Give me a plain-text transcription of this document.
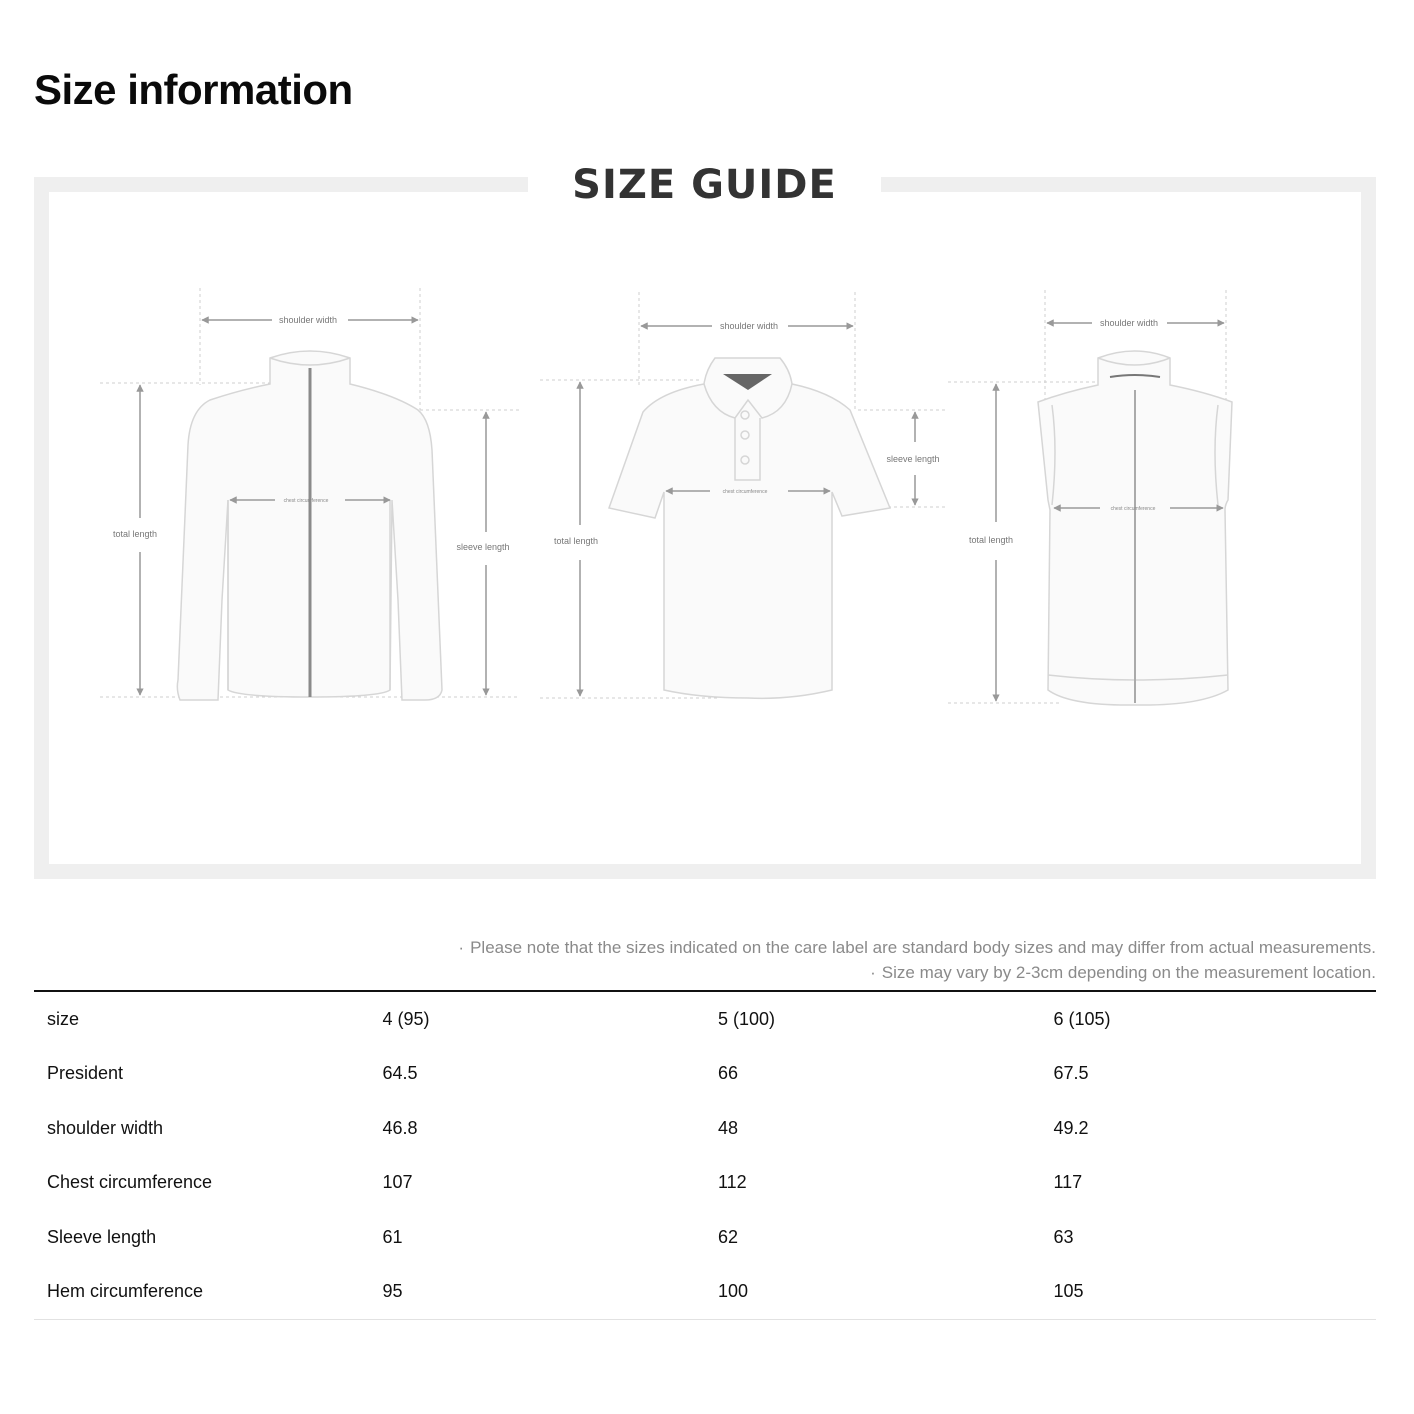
Size information
SIZE GUIDE
shoulder width
chest circumference
total length
sleeve length
shoulder width
chest circumference
total length
sleeve length
shoulder width
chest circumference
total length
· Please note that the sizes indicated on the care label are standard body sizes and may differ from actual measurements.
· Size may vary by 2-3cm depending on the measurement location.
size	4 (95)	5 (100)	6 (105)
President	64.5	66	67.5
shoulder width	46.8	48	49.2
Chest circumference	107	112	117
Sleeve length	61	62	63
Hem circumference	95	100	105
